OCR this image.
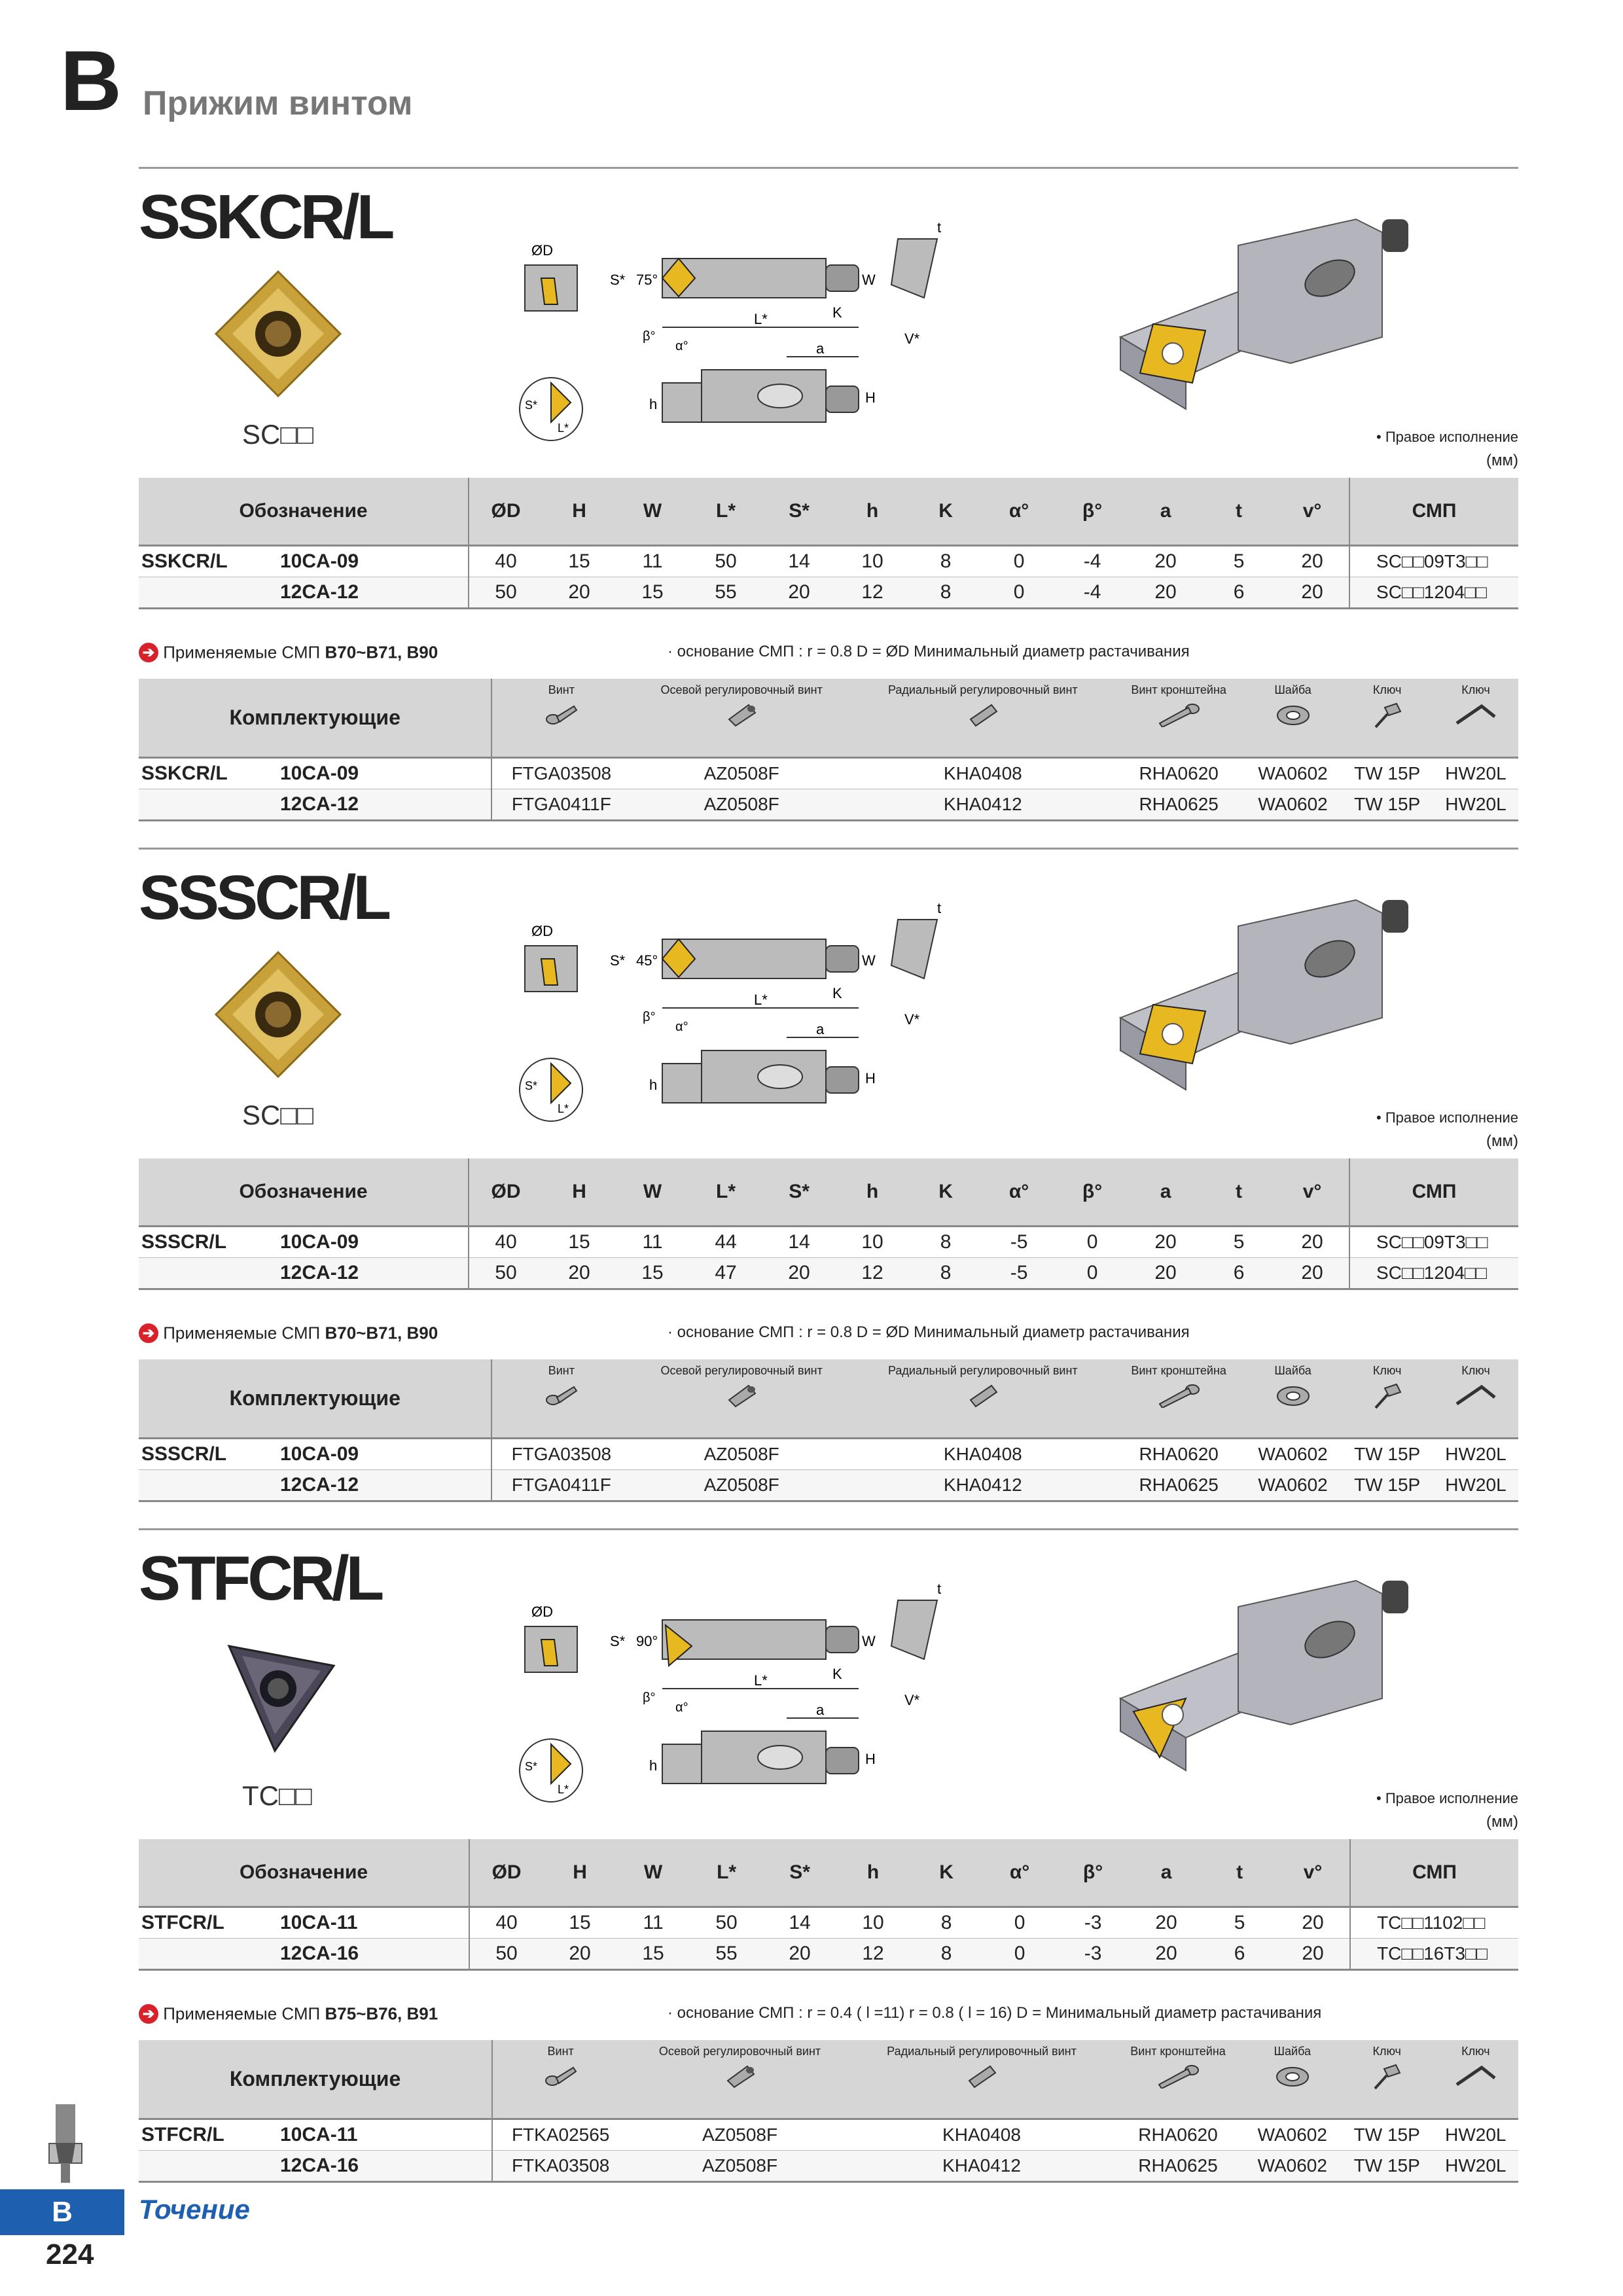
B Прижим винтом
SSKCR/L
SC□□
ØD
S* 75°
L*
a
W
K
β°
α°
t
V*
S*
L*
h	H
• Правое исполнение
(мм)
Обозначение		ØD	H	W	L*	S*	h	K	α°	β°	a	t	v°	СМП
SSKCR/L	10CA-09	40	15	11	50	14	10	8	0	-4	20	5	20	SC□□09T3□□
	12CA-12	50	20	15	55	20	12	8	0	-4	20	6	20	SC□□1204□□
➔ Применяемые СМП B70~B71, B90	· основание СМП : r = 0.8 D = ØD Минимальный диаметр растачивания
Комплектующие		Винт	Осевой регулировочный винт	Радиальный регулировочный винт	Винт кронштейна	Шайба	Ключ	Ключ

SSKCR/L	10CA-09	FTGA03508	AZ0508F	KHA0408	RHA0620	WA0602	TW 15P	HW20L
	12CA-12	FTGA0411F	AZ0508F	KHA0412	RHA0625	WA0602	TW 15P	HW20L
SSSCR/L
SC□□
ØD
S* 45°
L*
a
W
K
β°
α°
t
V*
S*
L*
h	H
• Правое исполнение
(мм)
Обозначение		ØD	H	W	L*	S*	h	K	α°	β°	a	t	v°	СМП
SSSCR/L	10CA-09	40	15	11	44	14	10	8	-5	0	20	5	20	SC□□09T3□□
	12CA-12	50	20	15	47	20	12	8	-5	0	20	6	20	SC□□1204□□
➔ Применяемые СМП B70~B71, B90	· основание СМП : r = 0.8 D = ØD Минимальный диаметр растачивания
Комплектующие		Винт	Осевой регулировочный винт	Радиальный регулировочный винт	Винт кронштейна	Шайба	Ключ	Ключ

SSSCR/L	10CA-09	FTGA03508	AZ0508F	KHA0408	RHA0620	WA0602	TW 15P	HW20L
	12CA-12	FTGA0411F	AZ0508F	KHA0412	RHA0625	WA0602	TW 15P	HW20L
STFCR/L
TC□□
ØD
S* 90°
L*
a
W
K
β°
α°
t
V*
S*
L*
h	H
• Правое исполнение
(мм)
Обозначение		ØD	H	W	L*	S*	h	K	α°	β°	a	t	v°	СМП
STFCR/L	10CA-11	40	15	11	50	14	10	8	0	-3	20	5	20	TC□□1102□□
	12CA-16	50	20	15	55	20	12	8	0	-3	20	6	20	TC□□16T3□□
➔ Применяемые СМП B75~B76, B91	· основание СМП : r = 0.4 ( l =11) r = 0.8 ( l = 16) D = Минимальный диаметр растачивания
Комплектующие		Винт	Осевой регулировочный винт	Радиальный регулировочный винт	Винт кронштейна	Шайба	Ключ	Ключ

STFCR/L	10CA-11	FTKA02565	AZ0508F	KHA0408	RHA0620	WA0602	TW 15P	HW20L
	12CA-16	FTKA03508	AZ0508F	KHA0412	RHA0625	WA0602	TW 15P	HW20L
B	Точение
224
